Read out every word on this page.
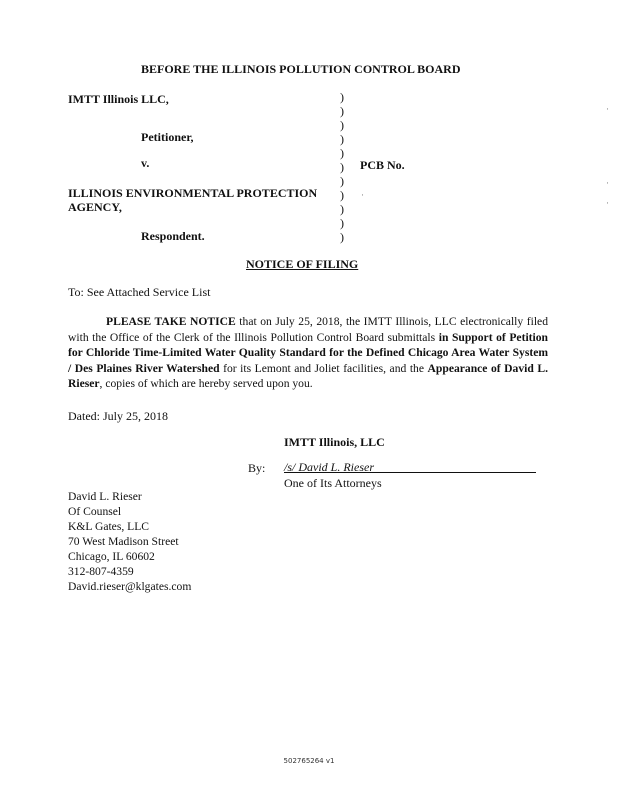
BEFORE THE ILLINOIS POLLUTION CONTROL BOARD
IMTT Illinois LLC,
Petitioner,
v.
ILLINOIS ENVIRONMENTAL PROTECTION
AGENCY,
Respondent.
PCB No.
)
)
)
)
)
)
)
)
)
)
)
NOTICE OF FILING
To: See Attached Service List

PLEASE TAKE NOTICE that on July 25, 2018, the IMTT Illinois, LLC electronically filed with the Office of the Clerk of the Illinois Pollution Control Board submittals in Support of Petition for Chloride Time-Limited Water Quality Standard for the Defined Chicago Area Water System / Des Plaines River Watershed for its Lemont and Joliet facilities, and the Appearance of David L. Rieser, copies of which are hereby served upon you.

Dated: July 25, 2018
IMTT Illinois, LLC
By: /s/ David L. Rieser
One of Its Attorneys
David L. Rieser
Of Counsel
K&L Gates, LLC
70 West Madison Street
Chicago, IL 60602
312-807-4359
David.rieser@klgates.com
502765264 v1
·
·
·
·
